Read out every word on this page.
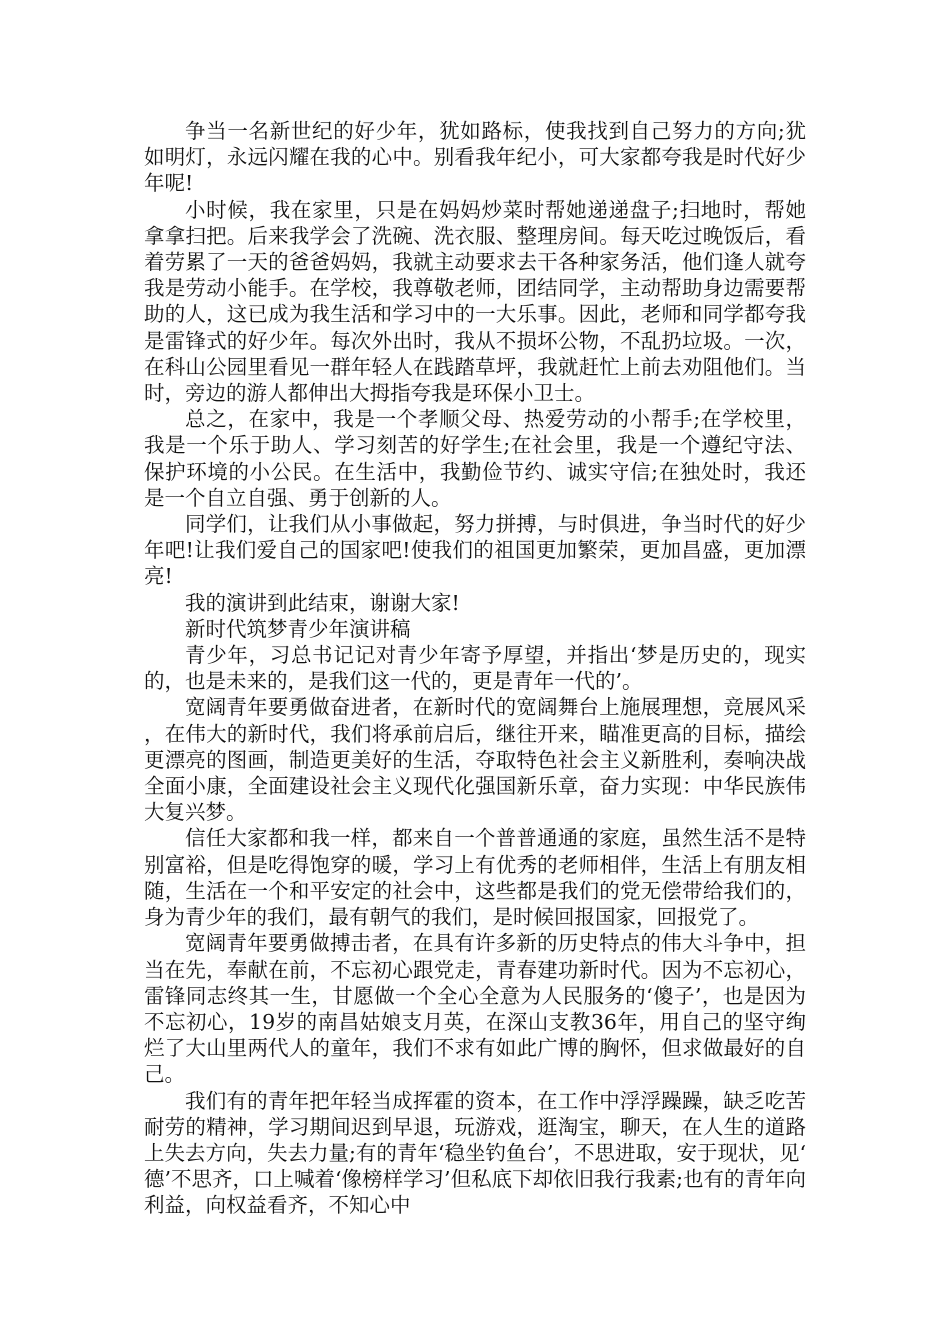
争当一名新世纪的好少年，犹如路标，使我找到自己努力的方向;犹如明灯，永远闪耀在我的心中。别看我年纪小，可大家都夸我是时代好少年呢!

小时候，我在家里，只是在妈妈炒菜时帮她递递盘子;扫地时，帮她拿拿扫把。后来我学会了洗碗、洗衣服、整理房间。每天吃过晚饭后，看着劳累了一天的爸爸妈妈，我就主动要求去干各种家务活，他们逢人就夸我是劳动小能手。在学校，我尊敬老师，团结同学，主动帮助身边需要帮助的人，这已成为我生活和学习中的一大乐事。因此，老师和同学都夸我是雷锋式的好少年。每次外出时，我从不损坏公物，不乱扔垃圾。一次，在科山公园里看见一群年轻人在践踏草坪，我就赶忙上前去劝阻他们。当时，旁边的游人都伸出大拇指夸我是环保小卫士。

总之，在家中，我是一个孝顺父母、热爱劳动的小帮手;在学校里，我是一个乐于助人、学习刻苦的好学生;在社会里，我是一个遵纪守法、保护环境的小公民。在生活中，我勤俭节约、诚实守信;在独处时，我还是一个自立自强、勇于创新的人。

同学们，让我们从小事做起，努力拼搏，与时俱进，争当时代的好少年吧!让我们爱自己的国家吧!使我们的祖国更加繁荣，更加昌盛，更加漂亮!

我的演讲到此结束，谢谢大家!

新时代筑梦青少年演讲稿

青少年，习总书记记对青少年寄予厚望，并指出‘梦是历史的，现实的，也是未来的，是我们这一代的，更是青年一代的’。

宽阔青年要勇做奋进者，在新时代的宽阔舞台上施展理想，竞展风采，在伟大的新时代，我们将承前启后，继往开来，瞄准更高的目标，描绘更漂亮的图画，制造更美好的生活，夺取特色社会主义新胜利，奏响决战全面小康，全面建设社会主义现代化强国新乐章，奋力实现：中华民族伟大复兴梦。

信任大家都和我一样，都来自一个普普通通的家庭，虽然生活不是特别富裕，但是吃得饱穿的暖，学习上有优秀的老师相伴，生活上有朋友相随，生活在一个和平安定的社会中，这些都是我们的党无偿带给我们的，身为青少年的我们，最有朝气的我们，是时候回报国家，回报党了。

宽阔青年要勇做搏击者，在具有许多新的历史特点的伟大斗争中，担当在先，奉献在前，不忘初心跟党走，青春建功新时代。因为不忘初心，雷锋同志终其一生，甘愿做一个全心全意为人民服务的‘傻子’，也是因为不忘初心，19岁的南昌姑娘支月英，在深山支教36年，用自己的坚守绚烂了大山里两代人的童年，我们不求有如此广博的胸怀，但求做最好的自己。

我们有的青年把年轻当成挥霍的资本，在工作中浮浮躁躁，缺乏吃苦耐劳的精神，学习期间迟到早退，玩游戏，逛淘宝，聊天，在人生的道路上失去方向，失去力量;有的青年‘稳坐钓鱼台’，不思进取，安于现状，见‘德’不思齐，口上喊着‘像榜样学习’但私底下却依旧我行我素;也有的青年向利益，向权益看齐，不知心中
